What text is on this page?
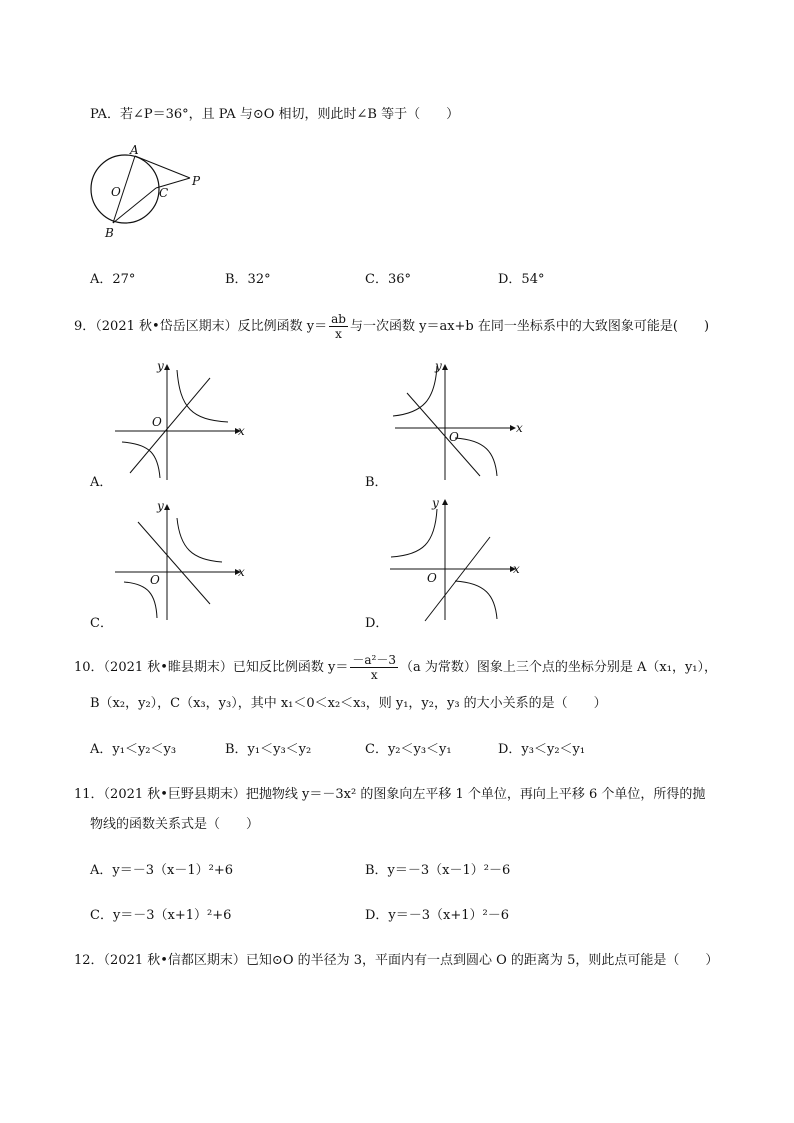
PA．若∠P＝36°，且 PA 与⊙O 相切，则此时∠B 等于（　　）
A
O	C
P
B
A．27°	B．32°	C．36°	D．54°
9．（2021 秋•岱岳区期末）反比例函数 $y= \frac{ab}{x}$ 与一次函数 y＝ax+b 在同一坐标系中的大致图象可能是(　　)
x
y
O
A．
x
y
O
B．
x
y
O
C．
x
y
O
D．
10．（2021 秋•睢县期末）已知反比例函数 $y= \frac{\text{－a²－3}}{x} (a$ 为常数）图象上三个点的坐标分别是 A（x₁，y₁），
B（x₂，y₂），C（x₃，y₃），其中 x₁＜0＜x₂＜x₃，则 y₁，y₂，y₃ 的大小关系的是（　　）
A．y₁＜y₂＜y₃	B．y₁＜y₃＜y₂	C．y₂＜y₃＜y₁	D．y₃＜y₂＜y₁
11．（2021 秋•巨野县期末）把抛物线 y＝－3x² 的图象向左平移 1 个单位，再向上平移 6 个单位，所得的抛
物线的函数关系式是（　　）
A．y＝－3（x－1）²+6	B．y＝－3（x－1）²－6
C．y＝－3（x+1）²+6	D．y＝－3（x+1）²－6
12．（2021 秋•信都区期末）已知⊙O 的半径为 3，平面内有一点到圆心 O 的距离为 5，则此点可能是（　　）
